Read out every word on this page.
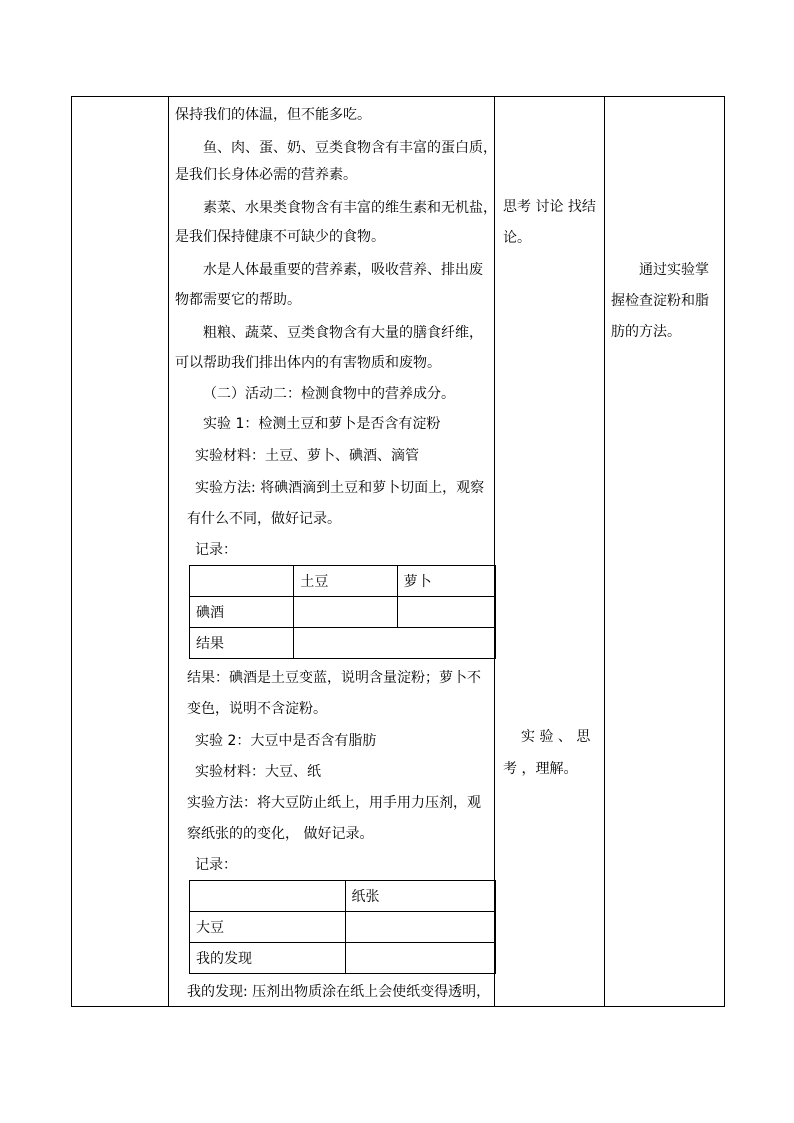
保持我们的体温，但不能多吃。
鱼、肉、蛋、奶、豆类食物含有丰富的蛋白质，
是我们长身体必需的营养素。
素菜、水果类食物含有丰富的维生素和无机盐，
是我们保持健康不可缺少的食物。
水是人体最重要的营养素，吸收营养、排出废
物都需要它的帮助。
粗粮、蔬菜、豆类食物含有大量的膳食纤维，
可以帮助我们排出体内的有害物质和废物。
（二）活动二：检测食物中的营养成分。
实验 1：检测土豆和萝卜是否含有淀粉
实验材料：土豆、萝卜、碘酒、滴管
实验方法: 将碘酒滴到土豆和萝卜切面上，观察
有什么不同，做好记录。
记录：
	土豆	萝卜
碘酒		
结果	
结果：碘酒是土豆变蓝，说明含量淀粉；萝卜不
变色，说明不含淀粉。
实验 2：大豆中是否含有脂肪
实验材料：大豆、纸
实验方法：将大豆防止纸上，用手用力压剂，观
察纸张的的变化， 做好记录。
记录：
	纸张
大豆	
我的发现	
我的发现: 压剂出物质涂在纸上会使纸变得透明，

思考 讨论 找结
论。
实 验 、 思
考 ，理解。

通过实验掌
握检查淀粉和脂
肪的方法。
